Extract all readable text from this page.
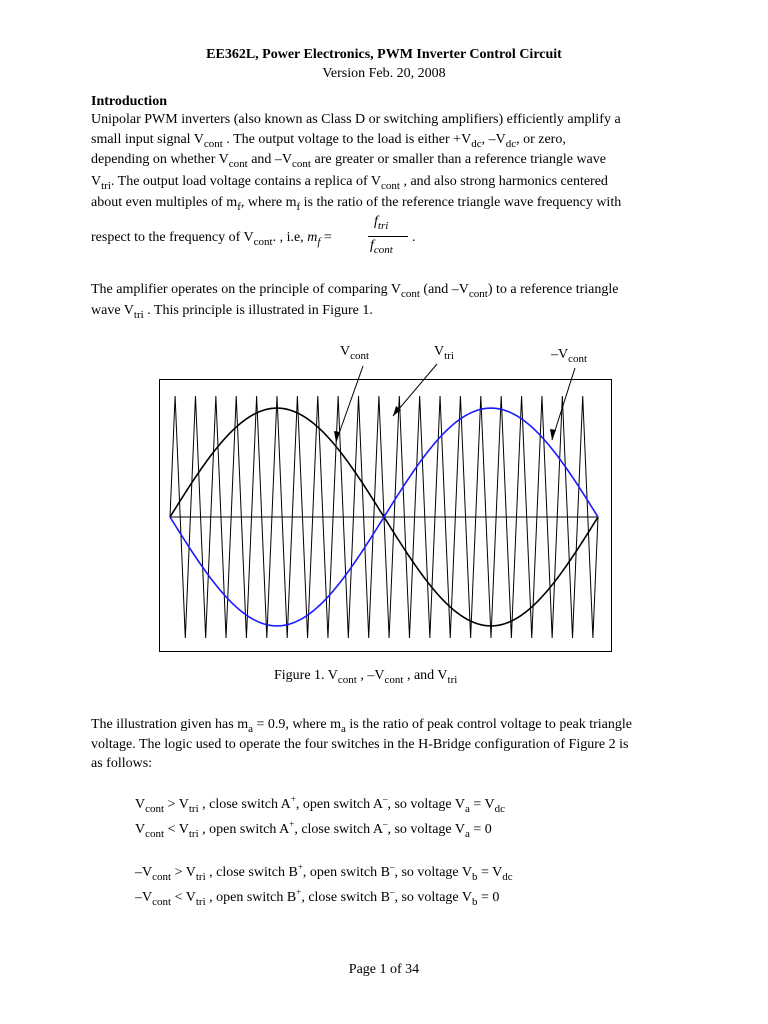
EE362L, Power Electronics, PWM Inverter Control Circuit
Version Feb. 20, 2008
Introduction
Unipolar PWM inverters (also known as Class D or switching amplifiers) efficiently amplify a
small input signal $V_{cont}$ . The output voltage to the load is either $+V_{dc}$, $-V_{dc}$, or zero,
depending on whether $V_{cont}$ and $-V_{cont}$ are greater or smaller than a reference triangle wave
$V_{tri}$. The output load voltage contains a replica of $V_{cont}$ , and also strong harmonics centered
about even multiples of $m_f$, where $m_f$ is the ratio of the reference triangle wave frequency with
respect to the frequency of $V_{cont}$. , i.e, $m_f$ =
$f_{tri}$
$f_{cont}$
.
The amplifier operates on the principle of comparing $V_{cont}$ (and $-V_{cont}$) to a reference triangle
wave $V_{tri}$ . This principle is illustrated in Figure 1.
$V_{cont}$	$V_{tri}$	$-V_{cont}$
Figure 1. $V_{cont}$ , $-V_{cont}$ , and $V_{tri}$
The illustration given has $m_a = 0.9$, where $m_a$ is the ratio of peak control voltage to peak triangle
voltage. The logic used to operate the four switches in the H-Bridge configuration of Figure 2 is
as follows:
$V_{cont} > V_{tri}$ , close switch A+, open switch A–, so voltage $V_a = V_{dc}$
$V_{cont} < V_{tri}$ , open switch A+, close switch A–, so voltage $V_a = 0$
$-V_{cont} > V_{tri}$ , close switch B+, open switch B–, so voltage $V_b = V_{dc}$
$-V_{cont} < V_{tri}$ , open switch B+, close switch B–, so voltage $V_b = 0$
Page 1 of 34
